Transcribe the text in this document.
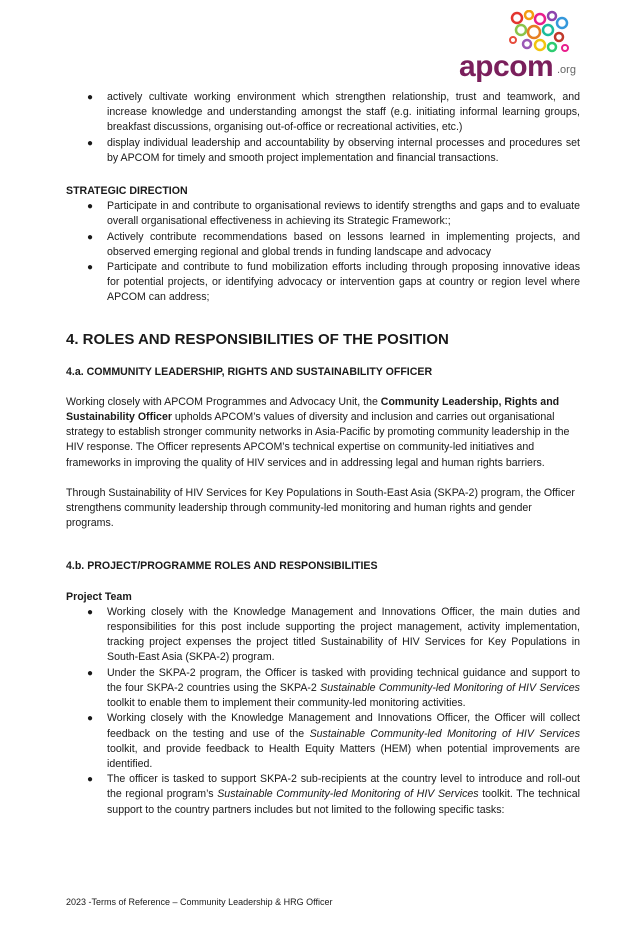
apcom .org
● actively cultivate working environment which strengthen relationship, trust and teamwork, and increase knowledge and understanding amongst the staff (e.g. initiating informal learning groups, breakfast discussions, organising out-of-office or recreational activities, etc.)
● display individual leadership and accountability by observing internal processes and procedures set by APCOM for timely and smooth project implementation and financial transactions.
STRATEGIC DIRECTION
● Participate in and contribute to organisational reviews to identify strengths and gaps and to evaluate overall organisational effectiveness in achieving its Strategic Framework:;
● Actively contribute recommendations based on lessons learned in implementing projects, and observed emerging regional and global trends in funding landscape and advocacy
● Participate and contribute to fund mobilization efforts including through proposing innovative ideas for potential projects, or identifying advocacy or intervention gaps at country or region level where APCOM can address;
4. ROLES AND RESPONSIBILITIES OF THE POSITION
4.a. COMMUNITY LEADERSHIP, RIGHTS AND SUSTAINABILITY OFFICER

Working closely with APCOM Programmes and Advocacy Unit, the Community Leadership, Rights and Sustainability Officer upholds APCOM’s values of diversity and inclusion and carries out organisational strategy to establish stronger community networks in Asia-Pacific by promoting community leadership in the HIV response. The Officer represents APCOM’s technical expertise on community-led initiatives and frameworks in improving the quality of HIV services and in addressing legal and human rights barriers.

Through Sustainability of HIV Services for Key Populations in South-East Asia (SKPA-2) program, the Officer strengthens community leadership through community-led monitoring and human rights and gender programs.

4.b. PROJECT/PROGRAMME ROLES AND RESPONSIBILITIES
Project Team
● Working closely with the Knowledge Management and Innovations Officer, the main duties and responsibilities for this post include supporting the project management, activity implementation, tracking project expenses the project titled Sustainability of HIV Services for Key Populations in South-East Asia (SKPA-2) program.
● Under the SKPA-2 program, the Officer is tasked with providing technical guidance and support to the four SKPA-2 countries using the SKPA-2 Sustainable Community-led Monitoring of HIV Services toolkit to enable them to implement their community-led monitoring activities.
● Working closely with the Knowledge Management and Innovations Officer, the Officer will collect feedback on the testing and use of the Sustainable Community-led Monitoring of HIV Services toolkit, and provide feedback to Health Equity Matters (HEM) when potential improvements are identified.
● The officer is tasked to support SKPA-2 sub-recipients at the country level to introduce and roll-out the regional program’s Sustainable Community-led Monitoring of HIV Services toolkit. The technical support to the country partners includes but not limited to the following specific tasks:
2023 -Terms of Reference – Community Leadership & HRG Officer
